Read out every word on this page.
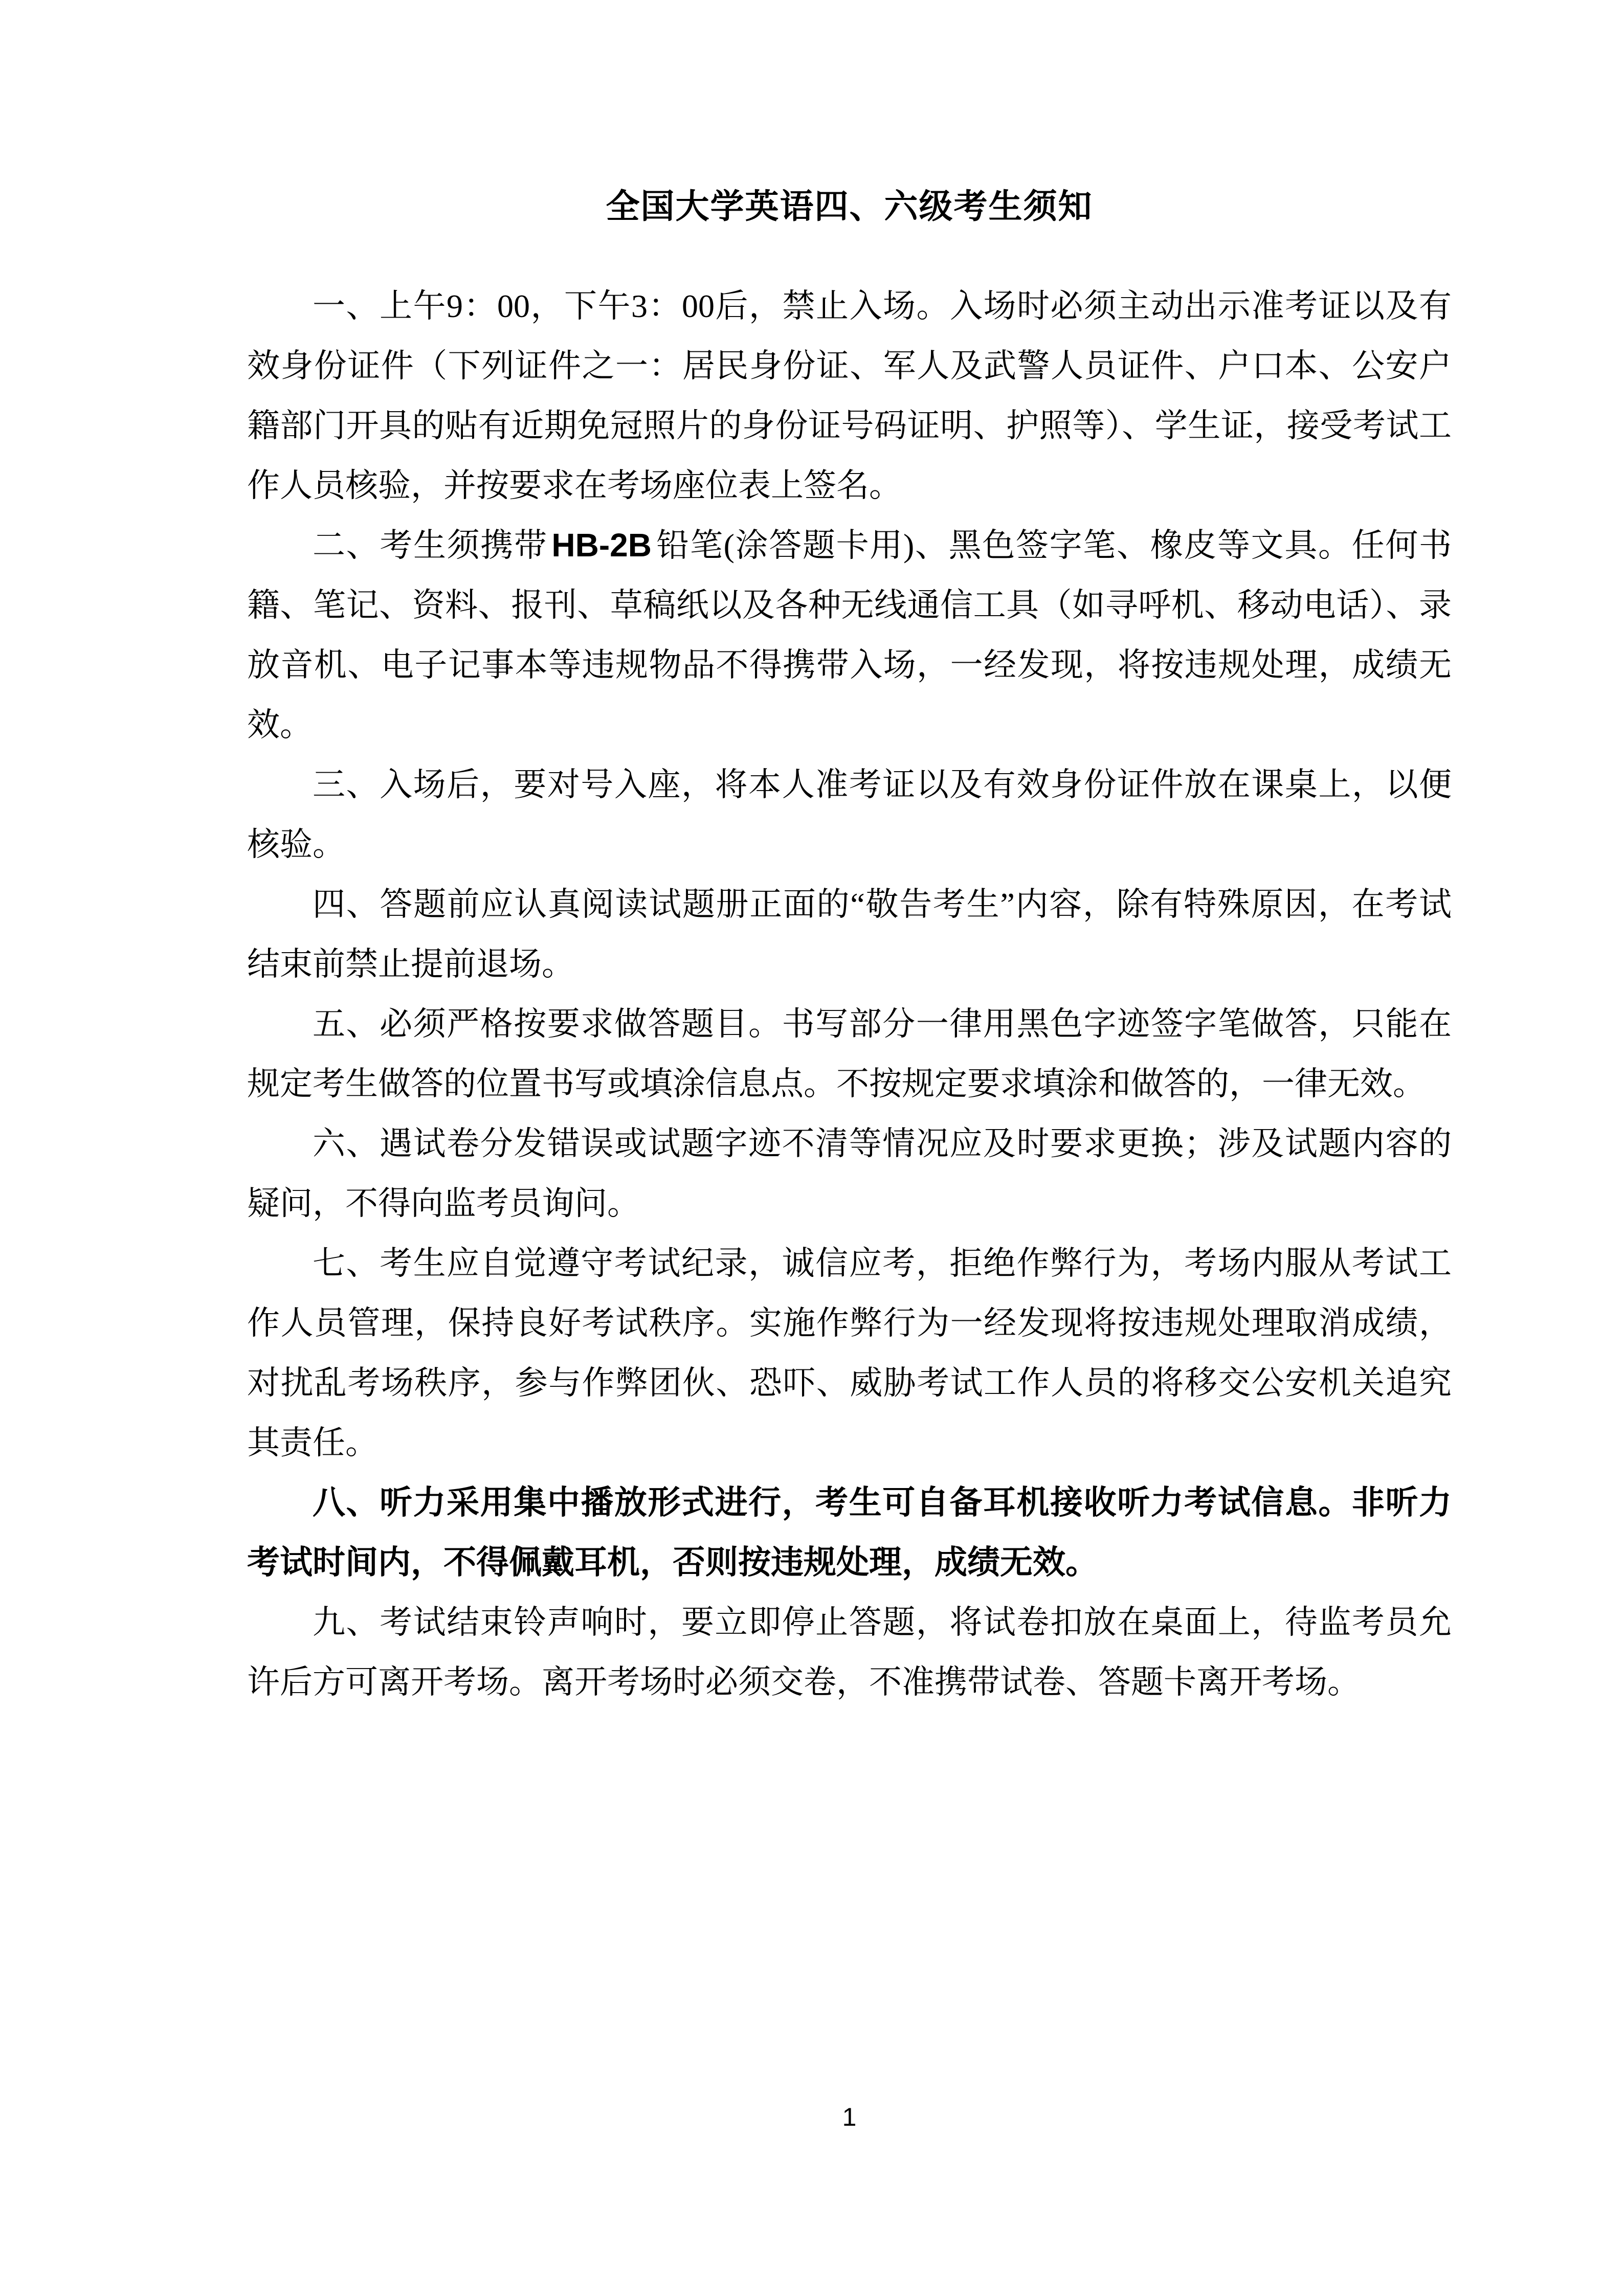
全国大学英语四、六级考生须知

一、上午9：00，下午3：00后，禁止入场。入场时必须主动出示准考证以及有效身份证件（下列证件之一：居民身份证、军人及武警人员证件、户口本、公安户籍部门开具的贴有近期免冠照片的身份证号码证明、护照等）、学生证，接受考试工作人员核验，并按要求在考场座位表上签名。

二、考生须携带 HB-2B 铅笔(涂答题卡用)、黑色签字笔、橡皮等文具。任何书籍、笔记、资料、报刊、草稿纸以及各种无线通信工具（如寻呼机、移动电话）、录放音机、电子记事本等违规物品不得携带入场，一经发现，将按违规处理，成绩无效。

三、入场后，要对号入座，将本人准考证以及有效身份证件放在课桌上，以便核验。

四、答题前应认真阅读试题册正面的“敬告考生”内容，除有特殊原因，在考试结束前禁止提前退场。

五、必须严格按要求做答题目。书写部分一律用黑色字迹签字笔做答，只能在规定考生做答的位置书写或填涂信息点。不按规定要求填涂和做答的，一律无效。

六、遇试卷分发错误或试题字迹不清等情况应及时要求更换；涉及试题内容的疑问，不得向监考员询问。

七、考生应自觉遵守考试纪录，诚信应考，拒绝作弊行为，考场内服从考试工作人员管理，保持良好考试秩序。实施作弊行为一经发现将按违规处理取消成绩，对扰乱考场秩序，参与作弊团伙、恐吓、威胁考试工作人员的将移交公安机关追究其责任。

八、听力采用集中播放形式进行，考生可自备耳机接收听力考试信息。非听力考试时间内，不得佩戴耳机，否则按违规处理，成绩无效。

九、考试结束铃声响时，要立即停止答题，将试卷扣放在桌面上，待监考员允许后方可离开考场。离开考场时必须交卷，不准携带试卷、答题卡离开考场。

1
